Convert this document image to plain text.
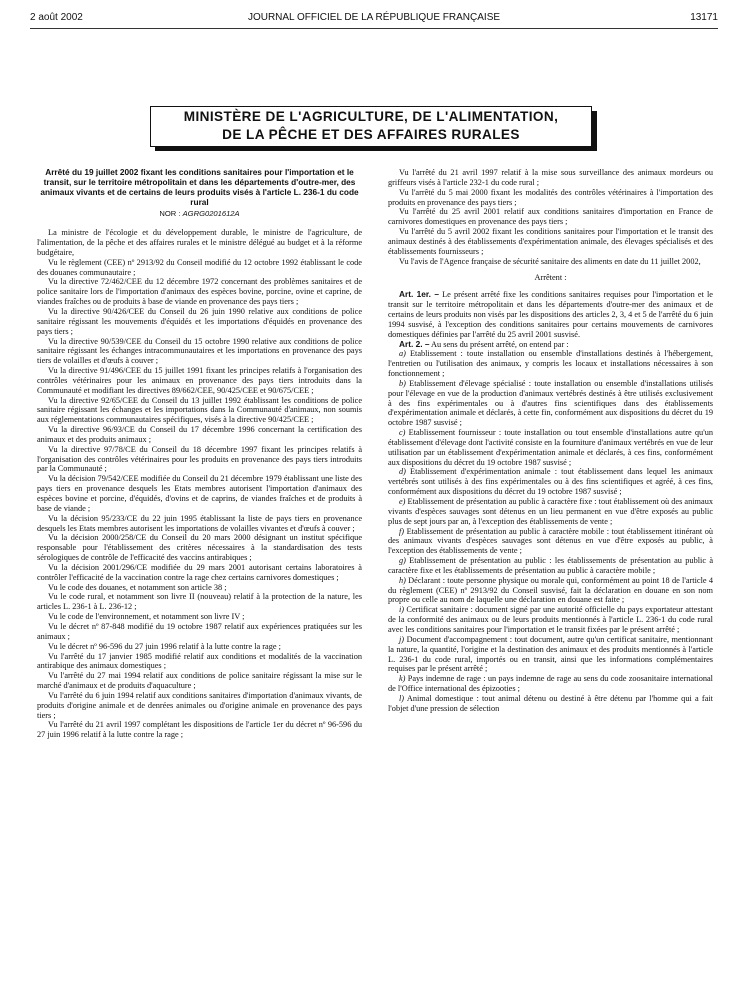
2 août 2002	JOURNAL OFFICIEL DE LA RÉPUBLIQUE FRANÇAISE	13171
MINISTÈRE DE L'AGRICULTURE, DE L'ALIMENTATION,
DE LA PÊCHE ET DES AFFAIRES RURALES

Arrêté du 19 juillet 2002 fixant les conditions sanitaires pour l'importation et le transit, sur le territoire métropolitain et dans les départements d'outre-mer, des animaux vivants et de certains de leurs produits visés à l'article L. 236-1 du code rural

NOR : AGRG0201612A

La ministre de l'écologie et du développement durable, le ministre de l'agriculture, de l'alimentation, de la pêche et des affaires rurales et le ministre délégué au budget et à la réforme budgétaire,

Vu le règlement (CEE) nº 2913/92 du Conseil modifié du 12 octobre 1992 établissant le code des douanes communautaire ;

Vu la directive 72/462/CEE du 12 décembre 1972 concernant des problèmes sanitaires et de police sanitaire lors de l'importation d'animaux des espèces bovine, porcine, ovine et caprine, de viandes fraîches ou de produits à base de viande en provenance des pays tiers ;

Vu la directive 90/426/CEE du Conseil du 26 juin 1990 relative aux conditions de police sanitaire régissant les mouvements d'équidés et les importations d'équidés en provenance des pays tiers ;

Vu la directive 90/539/CEE du Conseil du 15 octobre 1990 relative aux conditions de police sanitaire régissant les échanges intracommunautaires et les importations en provenance des pays tiers de volailles et d'œufs à couver ;

Vu la directive 91/496/CEE du 15 juillet 1991 fixant les principes relatifs à l'organisation des contrôles vétérinaires pour les animaux en provenance des pays tiers introduits dans la Communauté et modifiant les directives 89/662/CEE, 90/425/CEE et 90/675/CEE ;

Vu la directive 92/65/CEE du Conseil du 13 juillet 1992 établissant les conditions de police sanitaire régissant les échanges et les importations dans la Communauté d'animaux, non soumis aux réglementations communautaires spécifiques, visés à la directive 90/425/CEE ;

Vu la directive 96/93/CE du Conseil du 17 décembre 1996 concernant la certification des animaux et des produits animaux ;

Vu la directive 97/78/CE du Conseil du 18 décembre 1997 fixant les principes relatifs à l'organisation des contrôles vétérinaires pour les produits en provenance des pays tiers introduits par la Communauté ;

Vu la décision 79/542/CEE modifiée du Conseil du 21 décembre 1979 établissant une liste des pays tiers en provenance desquels les Etats membres autorisent l'importation d'animaux des espèces bovine et porcine, d'équidés, d'ovins et de caprins, de viandes fraîches et de produits à base de viande ;

Vu la décision 95/233/CE du 22 juin 1995 établissant la liste de pays tiers en provenance desquels les Etats membres autorisent les importations de volailles vivantes et d'œufs à couver ;

Vu la décision 2000/258/CE du Conseil du 20 mars 2000 désignant un institut spécifique responsable pour l'établissement des critères nécessaires à la standardisation des tests sérologiques de contrôle de l'efficacité des vaccins antirabiques ;

Vu la décision 2001/296/CE modifiée du 29 mars 2001 autorisant certains laboratoires à contrôler l'efficacité de la vaccination contre la rage chez certains carnivores domestiques ;

Vu le code des douanes, et notamment son article 38 ;

Vu le code rural, et notamment son livre II (nouveau) relatif à la protection de la nature, les articles L. 236-1 à L. 236-12 ;

Vu le code de l'environnement, et notamment son livre IV ;

Vu le décret nº 87-848 modifié du 19 octobre 1987 relatif aux expériences pratiquées sur les animaux ;

Vu le décret nº 96-596 du 27 juin 1996 relatif à la lutte contre la rage ;

Vu l'arrêté du 17 janvier 1985 modifié relatif aux conditions et modalités de la vaccination antirabique des animaux domestiques ;

Vu l'arrêté du 27 mai 1994 relatif aux conditions de police sanitaire régissant la mise sur le marché d'animaux et de produits d'aquaculture ;

Vu l'arrêté du 6 juin 1994 relatif aux conditions sanitaires d'importation d'animaux vivants, de produits d'origine animale et de denrées animales ou d'origine animale en provenance des pays tiers ;

Vu l'arrêté du 21 avril 1997 complétant les dispositions de l'article 1er du décret nº 96-596 du 27 juin 1996 relatif à la lutte contre la rage ;

Vu l'arrêté du 21 avril 1997 relatif à la mise sous surveillance des animaux mordeurs ou griffeurs visés à l'article 232-1 du code rural ;

Vu l'arrêté du 5 mai 2000 fixant les modalités des contrôles vétérinaires à l'importation des produits en provenance des pays tiers ;

Vu l'arrêté du 25 avril 2001 relatif aux conditions sanitaires d'importation en France de carnivores domestiques en provenance des pays tiers ;

Vu l'arrêté du 5 avril 2002 fixant les conditions sanitaires pour l'importation et le transit des animaux destinés à des établissements d'expérimentation animale, des élevages spécialisés et des établissements fournisseurs ;

Vu l'avis de l'Agence française de sécurité sanitaire des aliments en date du 11 juillet 2002,

Arrêtent :

Art. 1er. – Le présent arrêté fixe les conditions sanitaires requises pour l'importation et le transit sur le territoire métropolitain et dans les départements d'outre-mer des animaux et de certains de leurs produits non visés par les dispositions des articles 2, 3, 4 et 5 de l'arrêté du 6 juin 1994 susvisé, à l'exception des conditions sanitaires pour certains mouvements de carnivores domestiques définies par l'arrêté du 25 avril 2001 susvisé.

Art. 2. – Au sens du présent arrêté, on entend par :

a) Etablissement : toute installation ou ensemble d'installations destinés à l'hébergement, l'entretien ou l'utilisation des animaux, y compris les locaux et installations nécessaires à son fonctionnement ;

b) Etablissement d'élevage spécialisé : toute installation ou ensemble d'installations utilisés pour l'élevage en vue de la production d'animaux vertébrés destinés à être utilisés exclusivement à des fins expérimentales ou à d'autres fins scientifiques dans des établissements d'expérimentation animale et déclarés, à cette fin, conformément aux dispositions du décret du 19 octobre 1987 susvisé ;

c) Etablissement fournisseur : toute installation ou tout ensemble d'installations autre qu'un établissement d'élevage dont l'activité consiste en la fourniture d'animaux vertébrés en vue de leur utilisation par un établissement d'expérimentation animale et déclarés, à ces fins, conformément aux dispositions du décret du 19 octobre 1987 susvisé ;

d) Etablissement d'expérimentation animale : tout établissement dans lequel les animaux vertébrés sont utilisés à des fins expérimentales ou à des fins scientifiques et agréé, à ces fins, conformément aux dispositions du décret du 19 octobre 1987 susvisé ;

e) Etablissement de présentation au public à caractère fixe : tout établissement où des animaux vivants d'espèces sauvages sont détenus en un lieu permanent en vue d'être exposés au public plus de sept jours par an, à l'exception des établissements de vente ;

f) Etablissement de présentation au public à caractère mobile : tout établissement itinérant où des animaux vivants d'espèces sauvages sont détenus en vue d'être exposés au public, à l'exception des établissements de vente ;

g) Etablissement de présentation au public : les établissements de présentation au public à caractère fixe et les établissements de présentation au public à caractère mobile ;

h) Déclarant : toute personne physique ou morale qui, conformément au point 18 de l'article 4 du règlement (CEE) nº 2913/92 du Conseil susvisé, fait la déclaration en douane en son nom propre ou celle au nom de laquelle une déclaration en douane est faite ;

i) Certificat sanitaire : document signé par une autorité officielle du pays exportateur attestant de la conformité des animaux ou de leurs produits mentionnés à l'article L. 236-1 du code rural avec les conditions sanitaires pour l'importation et le transit fixées par le présent arrêté ;

j) Document d'accompagnement : tout document, autre qu'un certificat sanitaire, mentionnant la nature, la quantité, l'origine et la destination des animaux et des produits mentionnés à l'article L. 236-1 du code rural, importés ou en transit, ainsi que les informations complémentaires requises par le présent arrêté ;

k) Pays indemne de rage : un pays indemne de rage au sens du code zoosanitaire international de l'Office international des épizooties ;

l) Animal domestique : tout animal détenu ou destiné à être détenu par l'homme qui a fait l'objet d'une pression de sélection
